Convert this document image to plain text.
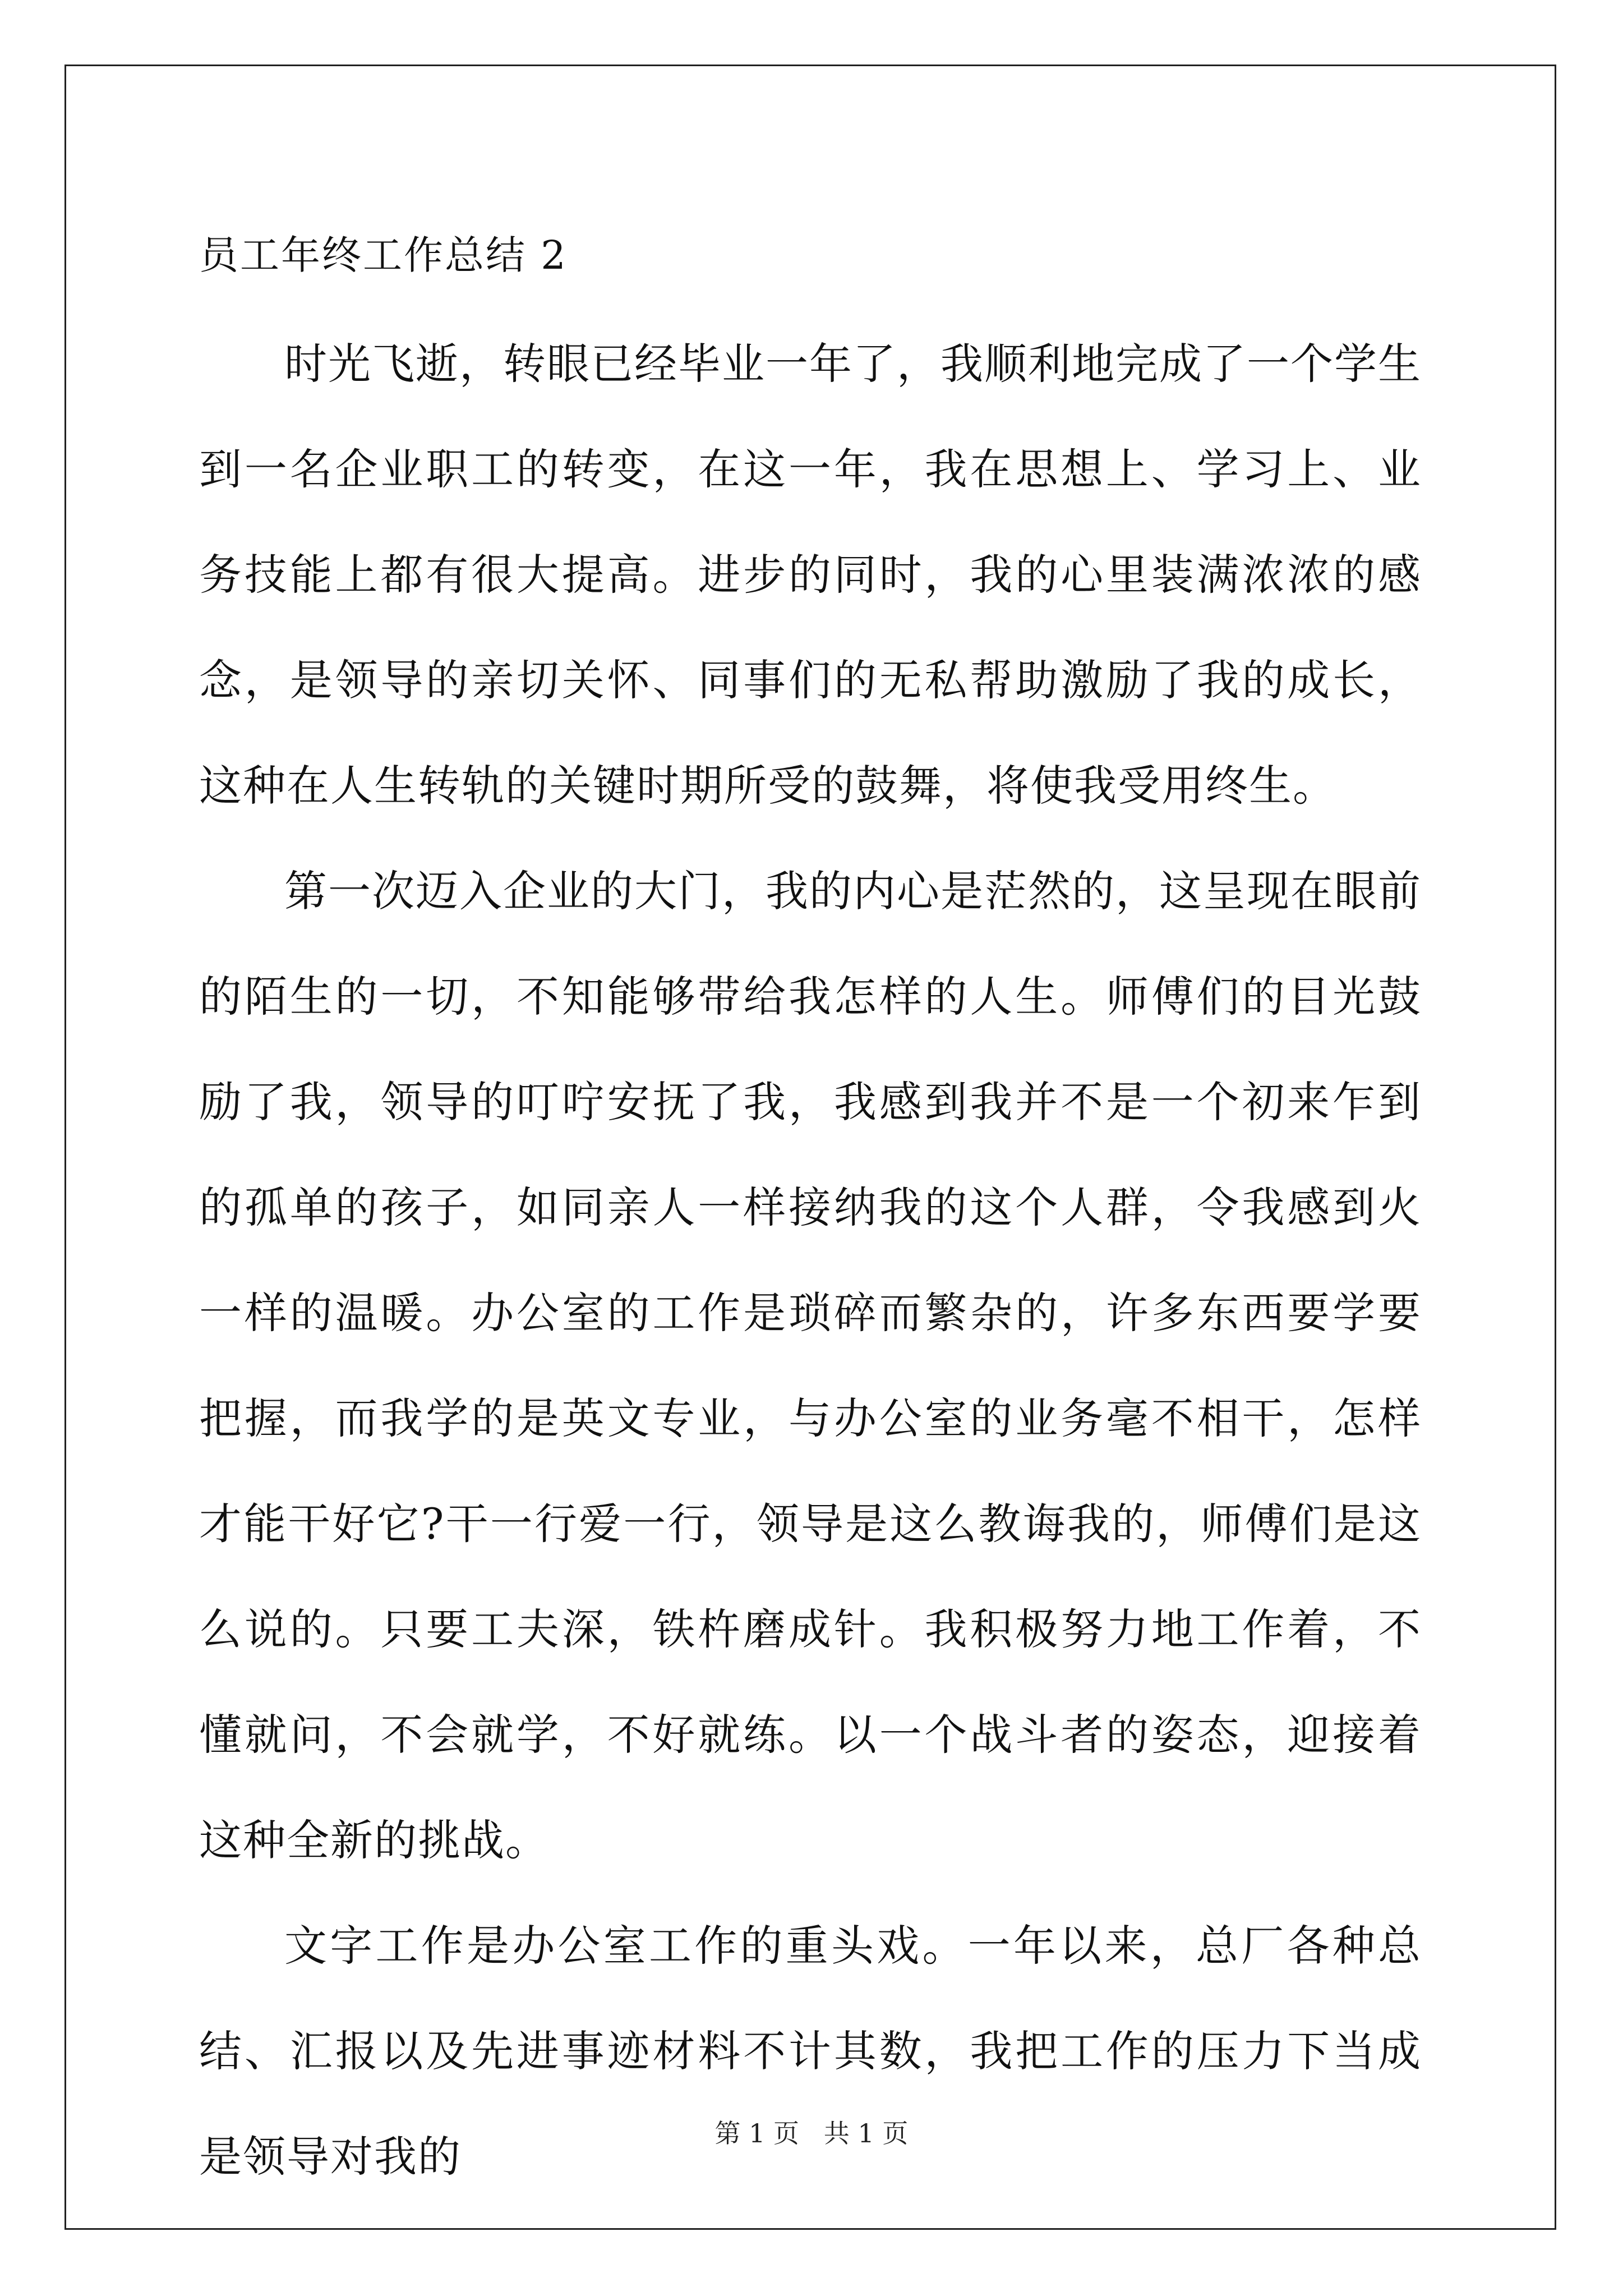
员工年终工作总结 2

时光飞逝，转眼已经毕业一年了，我顺利地完成了一个学生到一名企业职工的转变，在这一年，我在思想上、学习上、业务技能上都有很大提高。进步的同时，我的心里装满浓浓的感念，是领导的亲切关怀、同事们的无私帮助激励了我的成长，这种在人生转轨的关键时期所受的鼓舞，将使我受用终生。

第一次迈入企业的大门，我的内心是茫然的，这呈现在眼前的陌生的一切，不知能够带给我怎样的人生。师傅们的目光鼓励了我，领导的叮咛安抚了我，我感到我并不是一个初来乍到的孤单的孩子，如同亲人一样接纳我的这个人群，令我感到火一样的温暖。办公室的工作是琐碎而繁杂的，许多东西要学要把握，而我学的是英文专业，与办公室的业务毫不相干，怎样才能干好它?干一行爱一行，领导是这么教诲我的，师傅们是这么说的。只要工夫深，铁杵磨成针。我积极努力地工作着，不懂就问，不会就学，不好就练。以一个战斗者的姿态，迎接着这种全新的挑战。

文字工作是办公室工作的重头戏。一年以来，总厂各种总结、汇报以及先进事迹材料不计其数，我把工作的压力下当成是领导对我的	第 1 页   共 1 页
